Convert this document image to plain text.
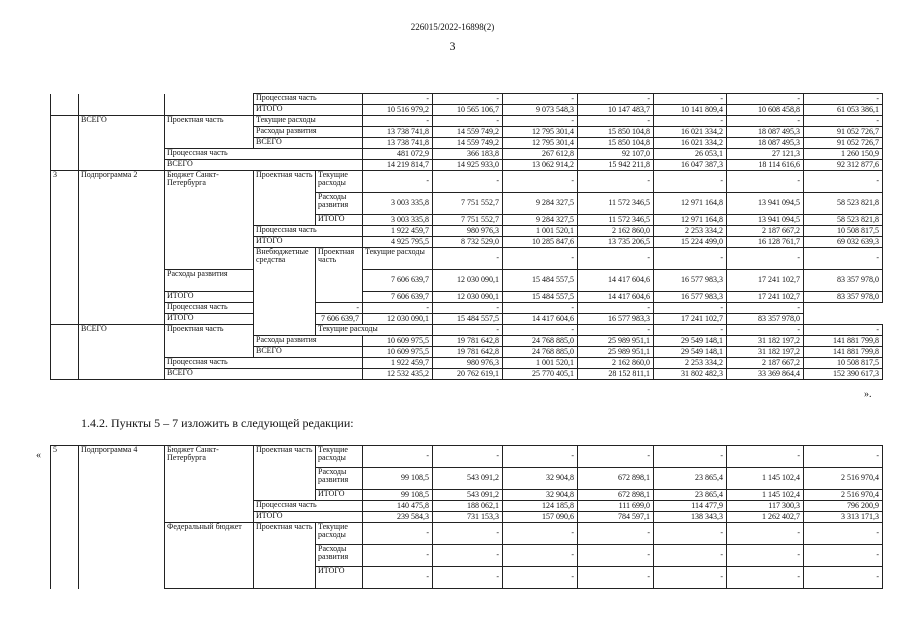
226015/2022-16898(2)
3
			Процессная часть		-	-	-	-	-	-	-	
			ИТОГО		10 516 979,2	10 565 106,7	9 073 548,3	10 147 483,7	10 141 809,4	10 608 458,8	61 053 386,1	
	ВСЕГО	Проектная часть	Текущие расходы		-	-	-	-	-	-	-	
			Расходы развития		13 738 741,8	14 559 749,2	12 795 301,4	15 850 104,8	16 021 334,2	18 087 495,3	91 052 726,7	
			ВСЕГО		13 738 741,8	14 559 749,2	12 795 301,4	15 850 104,8	16 021 334,2	18 087 495,3	91 052 726,7	
		Процессная часть			481 072,9	366 183,8	267 612,8	92 107,0	26 053,1	27 121,3	1 260 150,9	
		ВСЕГО			14 219 814,7	14 925 933,0	13 062 914,2	15 942 211,8	16 047 387,3	18 114 616,6	92 312 877,6	
3	Подпрограмма 2	Бюджет Санкт-Петербурга	Проектная часть	Текущие расходы	-	-	-	-	-	-	-	
				Расходы развития	3 003 335,8	7 751 552,7	9 284 327,5	11 572 346,5	12 971 164,8	13 941 094,5	58 523 821,8	
				ИТОГО	3 003 335,8	7 751 552,7	9 284 327,5	11 572 346,5	12 971 164,8	13 941 094,5	58 523 821,8	
			Процессная часть		1 922 459,7	980 976,3	1 001 520,1	2 162 860,0	2 253 334,2	2 187 667,2	10 508 817,5	
			ИТОГО		4 925 795,5	8 732 529,0	10 285 847,6	13 735 206,5	15 224 499,0	16 128 761,7	69 032 639,3	
			Внебюджетные средства	Проектная часть	Текущие расходы	-	-	-	-	-	-	
		Расходы развития			7 606 639,7	12 030 090,1	15 484 557,5	14 417 604,6	16 577 983,3	17 241 102,7	83 357 978,0	
		ИТОГО			7 606 639,7	12 030 090,1	15 484 557,5	14 417 604,6	16 577 983,3	17 241 102,7	83 357 978,0	
		Процессная часть		-	-	-	-	-	-	-		
		ИТОГО		7 606 639,7	12 030 090,1	15 484 557,5	14 417 604,6	16 577 983,3	17 241 102,7	83 357 978,0		
	ВСЕГО	Проектная часть		Текущие расходы		-	-	-	-	-	-	
			Расходы развития		10 609 975,5	19 781 642,8	24 768 885,0	25 989 951,1	29 549 148,1	31 182 197,2	141 881 799,8	
			ВСЕГО		10 609 975,5	19 781 642,8	24 768 885,0	25 989 951,1	29 549 148,1	31 182 197,2	141 881 799,8	
		Процессная часть			1 922 459,7	980 976,3	1 001 520,1	2 162 860,0	2 253 334,2	2 187 667,2	10 508 817,5	
		ВСЕГО			12 532 435,2	20 762 619,1	25 770 405,1	28 152 811,1	31 802 482,3	33 369 864,4	152 390 617,3	
».
1.4.2. Пункты 5 – 7 изложить в следующей редакции:
«
5	Подпрограмма 4	Бюджет Санкт-Петербурга	Проектная часть	Текущие расходы	-	-	-	-	-	-	-
				Расходы развития	99 108,5	543 091,2	32 904,8	672 898,1	23 865,4	1 145 102,4	2 516 970,4
				ИТОГО	99 108,5	543 091,2	32 904,8	672 898,1	23 865,4	1 145 102,4	2 516 970,4
			Процессная часть		140 475,8	188 062,1	124 185,8	111 699,0	114 477,9	117 300,3	796 200,9
			ИТОГО		239 584,3	731 153,3	157 090,6	784 597,1	138 343,3	1 262 402,7	3 313 171,3
		Федеральный бюджет	Проектная часть	Текущие расходы	-	-	-	-	-	-	-
				Расходы развития	-	-	-	-	-	-	-
				ИТОГО	-	-	-	-	-	-	-
